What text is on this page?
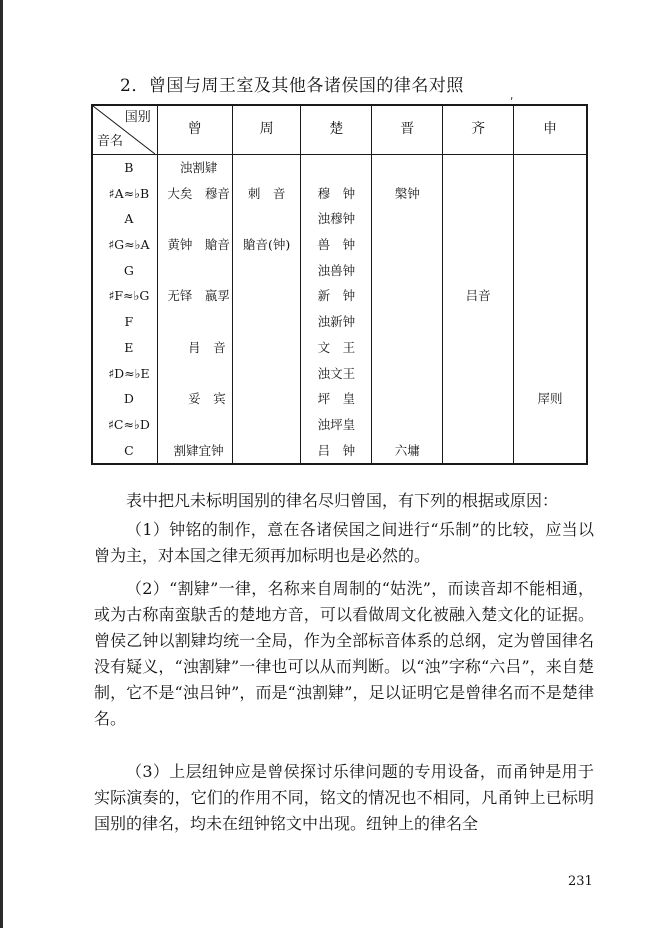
2．曾国与周王室及其他各诸侯国的律名对照
ʹ
国别
音名	曾	周	楚	晋	齐	申
B	浊割肄					
♯A≈♭B	大矣　穆音	刺　音	穆　钟	槃钟		
A			浊穆钟			
♯G≈♭A	黄钟　賶音	賶音(钟)	兽　钟			
G			浊兽钟			
♯F≈♭G	无铎　嬴孠		新　钟		吕音	
F			浊新钟			
E	　 肙　音		文　王			
♯D≈♭E			浊文王			
D	　 妥　宾		坪　皇			屖则
♯C≈♭D			浊坪皇			
C	割肄宜钟		吕　钟	六墉		
表中把凡未标明国别的律名尽归曾国，有下列的根据或原因：
（1）钟铭的制作，意在各诸侯国之间进行“乐制”的比较，应当以曾为主，对本国之律无须再加标明也是必然的。
（2）“割肄”一律，名称来自周制的“姑洗”，而读音却不能相通，或为古称南蛮鴃舌的楚地方音，可以看做周文化被融入楚文化的证据。曾侯乙钟以割肄均统一全局，作为全部标音体系的总纲，定为曾国律名没有疑义，“浊割肄”一律也可以从而判断。以“浊”字称“六吕”，来自楚制，它不是“浊吕钟”，而是“浊割肄”，足以证明它是曾律名而不是楚律名。
（3）上层纽钟应是曾侯探讨乐律问题的专用设备，而甬钟是用于实际演奏的，它们的作用不同，铭文的情况也不相同，凡甬钟上已标明国别的律名，均未在纽钟铭文中出现。纽钟上的律名全
231
